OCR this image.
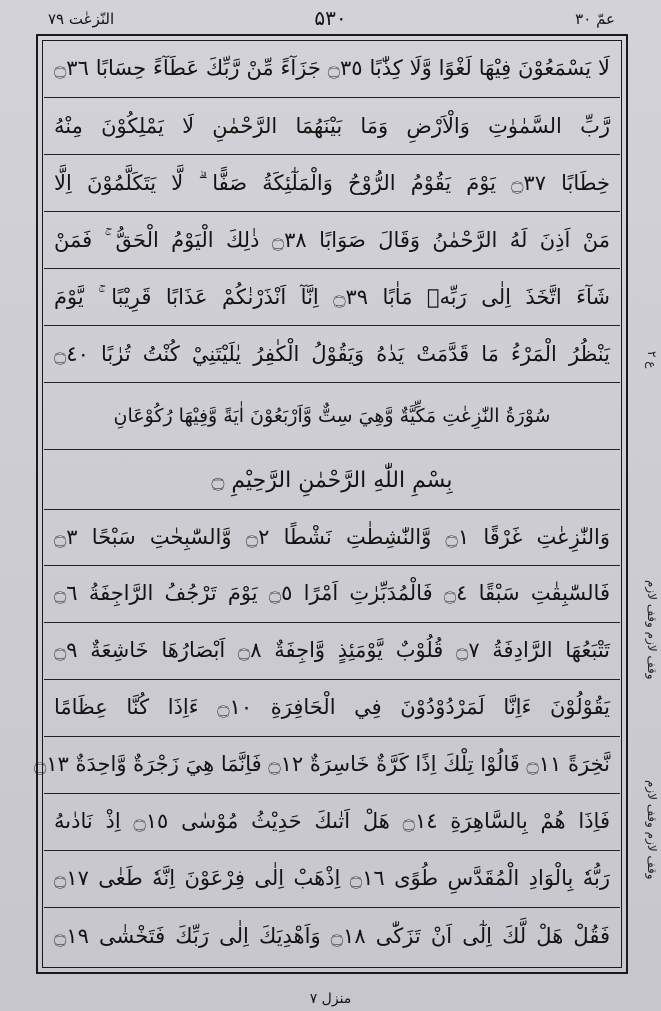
النّزعٰت ۷۹	۵۳۰	عمّ ۳۰
لَا يَسْمَعُوْنَ فِيْهَا لَغْوًا وَّلَا كِذّٰبًا ۝٣٥ جَزَآءً مِّنْ رَّبِّكَ عَطَآءً حِسَابًا ۝٣٦
رَّبِّ السَّمٰوٰتِ وَالْاَرْضِ وَمَا بَيْنَهُمَا الرَّحْمٰنِ لَا يَمْلِكُوْنَ مِنْهُ
خِطَابًا ۝٣٧ يَوْمَ يَقُوْمُ الرُّوْحُ وَالْمَلٰٓئِكَةُ صَفًّا ۗ لَّا يَتَكَلَّمُوْنَ اِلَّا
مَنْ اَذِنَ لَهُ الرَّحْمٰنُ وَقَالَ صَوَابًا ۝٣٨ ذٰلِكَ الْيَوْمُ الْحَقُّ ۚ فَمَنْ
شَآءَ اتَّخَذَ اِلٰى رَبِّهٖ مَاٰبًا ۝٣٩ اِنَّآ اَنْذَرْنٰكُمْ عَذَابًا قَرِيْبًا ۚ يَّوْمَ
يَنْظُرُ الْمَرْءُ مَا قَدَّمَتْ يَدٰهُ وَيَقُوْلُ الْكٰفِرُ يٰلَيْتَنِيْ كُنْتُ تُرٰبًا ۝٤٠
سُوْرَةُ النّٰزِعٰتِ مَكِّيَّةٌ وَّهِيَ سِتٌّ وَّاَرْبَعُوْنَ اٰيَةً وَّفِيْهَا رُكُوْعَانِ
بِسْمِ اللّٰهِ الرَّحْمٰنِ الرَّحِيْمِ ۝
وَالنّٰزِعٰتِ غَرْقًا ۝١ وَّالنّٰشِطٰتِ نَشْطًا ۝٢ وَّالسّٰبِحٰتِ سَبْحًا ۝٣
فَالسّٰبِقٰتِ سَبْقًا ۝٤ فَالْمُدَبِّرٰتِ اَمْرًا ۝٥ يَوْمَ تَرْجُفُ الرَّاجِفَةُ ۝٦
تَتْبَعُهَا الرَّادِفَةُ ۝٧ قُلُوْبٌ يَّوْمَئِذٍ وَّاجِفَةٌ ۝٨ اَبْصَارُهَا خَاشِعَةٌ ۝٩
يَقُوْلُوْنَ ءَاِنَّا لَمَرْدُوْدُوْنَ فِي الْحَافِرَةِ ۝١٠ ءَاِذَا كُنَّا عِظَامًا
نَّخِرَةً ۝١١ قَالُوْا تِلْكَ اِذًا كَرَّةٌ خَاسِرَةٌ ۝١٢ فَاِنَّمَا هِيَ زَجْرَةٌ وَّاحِدَةٌ ۝١٣
فَاِذَا هُمْ بِالسَّاهِرَةِ ۝١٤ هَلْ اَتٰىكَ حَدِيْثُ مُوْسٰى ۝١٥ اِذْ نَادٰىهُ
رَبُّهٗ بِالْوَادِ الْمُقَدَّسِ طُوًى ۝١٦ اِذْهَبْ اِلٰى فِرْعَوْنَ اِنَّهٗ طَغٰى ۝١٧
فَقُلْ هَلْ لَّكَ اِلٰٓى اَنْ تَزَكّٰى ۝١٨ وَاَهْدِيَكَ اِلٰى رَبِّكَ فَتَخْشٰى ۝١٩
ع ۲
وقف لازم وقف لازم
وقف لازم وقف لازم
منزل ۷
